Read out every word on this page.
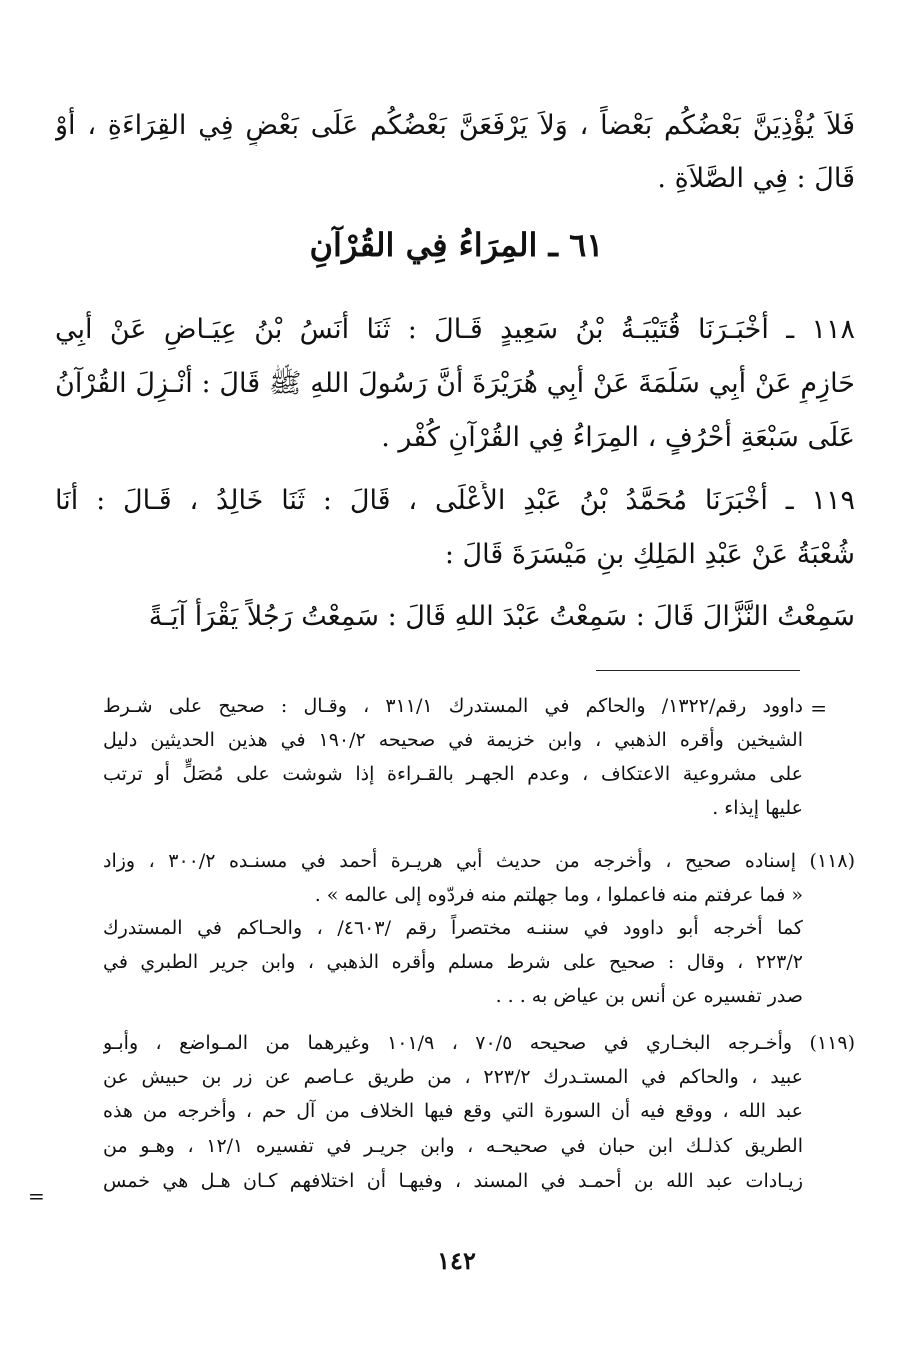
فَلاَ يُؤْذِيَنَّ بَعْضُكُم بَعْضاً ، وَلاَ يَرْفَعَنَّ بَعْضُكُم عَلَى بَعْضٍ فِي القِرَاءَةِ ، أَوْ
قَالَ : فِي الصَّلاَةِ .
٦١ ـ المِرَاءُ فِي القُرْآنِ
١١٨ ـ أَخْبَـرَنَا قُتَيْبَـةُ بْنُ سَعِيدٍ قَـالَ : ثَنَا أَنَسُ بْنُ عِيَـاضٍ عَنْ أَبِي
حَازِمٍ عَنْ أَبِي سَلَمَةَ عَنْ أَبِي هُرَيْرَةَ أَنَّ رَسُولَ اللهِ ﷺ قَالَ : أُنْـزِلَ القُرْآنُ
عَلَى سَبْعَةِ أَحْرُفٍ ، المِرَاءُ فِي القُرْآنِ كُفْر .
١١٩ ـ أَخْبَرَنَا مُحَمَّدُ بْنُ عَبْدِ الأَعْلَى ، قَالَ : ثَنَا خَالِدُ ، قَـالَ : أَنَا
شُعْبَةُ عَنْ عَبْدِ المَلِكِ بنِ مَيْسَرَةَ قَالَ :
سَمِعْتُ النَّزَّالَ قَالَ : سَمِعْتُ عَبْدَ اللهِ قَالَ : سَمِعْتُ رَجُلاً يَقْرَأُ آيَـةً
=
داوود رقم/١٣٢٢/ والحاكم في المستدرك ٣١١/١ ، وقـال : صحيح على شـرط
الشيخين وأقره الذهبي ، وابن خزيمة في صحيحه ١٩٠/٢ في هذين الحديثين دليل
على مشروعية الاعتكاف ، وعدم الجهـر بالقـراءة إذا شوشت على مُصَلٍّ أو ترتب
عليها إيذاء .
(١١٨) إسناده صحيح ، وأخرجه من حديث أبي هريـرة أحمد في مسنـده ٣٠٠/٢ ، وزاد
« فما عرفتم منه فاعملوا ، وما جهلتم منه فردّوه إلى عالمه » .
كما أخرجه أبو داوود في سننـه مختصراً رقم /٤٦٠٣/ ، والحـاكم في المستدرك
٢٢٣/٢ ، وقال : صحيح على شرط مسلم وأقره الذهبي ، وابن جرير الطبري في
صدر تفسيره عن أنس بن عياض به . . .
(١١٩) وأخـرجه البخـاري في صحيحه ٧٠/٥ ، ١٠١/٩ وغيرهما من المـواضع ، وأبـو
عبيد ، والحاكم في المستـدرك ٢٢٣/٢ ، من طريق عـاصم عن زر بن حبيش عن
عبد الله ، ووقع فيه أن السورة التي وقع فيها الخلاف من آل حم ، وأخرجه من هذه
الطريق كذلـك ابن حبان في صحيحـه ، وابن جريـر في تفسيره ١٢/١ ، وهـو من
زيـادات عبد الله بن أحمـد في المسند ، وفيهـا أن اختلافهم كـان هـل هي خمس
=
١٤٢
